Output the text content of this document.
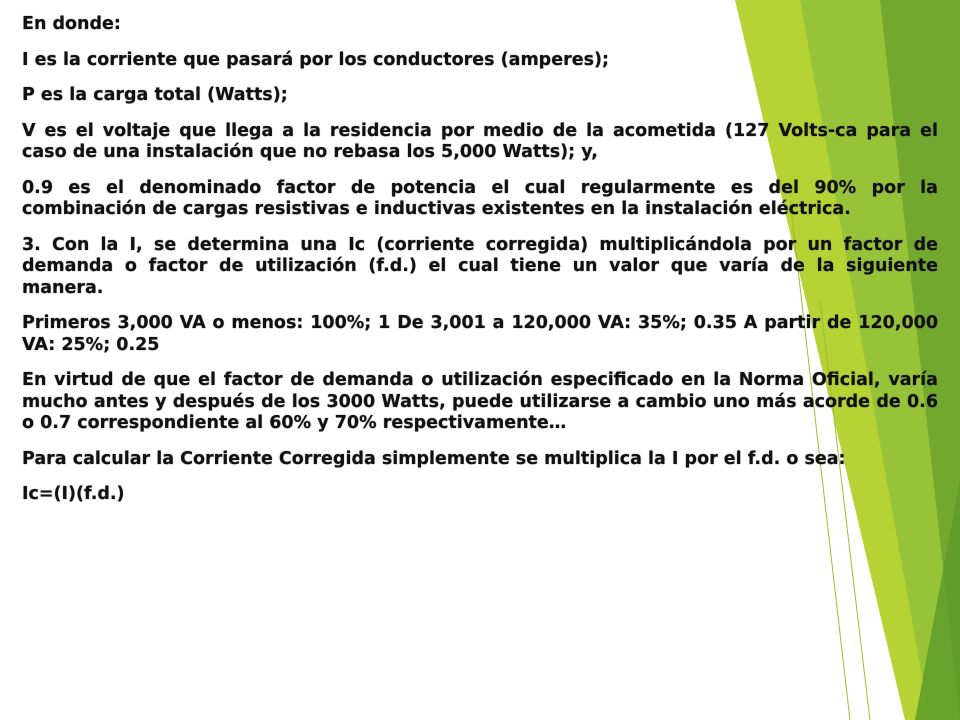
En donde:

I es la corriente que pasará por los conductores (amperes);

P es la carga total (Watts);

V es el voltaje que llega a la residencia por medio de la acometida (127 Volts-ca para el caso de una instalación que no rebasa los 5,000 Watts); y,

0.9 es el denominado factor de potencia el cual regularmente es del 90% por la combinación de cargas resistivas e inductivas existentes en la instalación eléctrica.

3. Con la I, se determina una Ic (corriente corregida) multiplicándola por un factor de demanda o factor de utilización (f.d.) el cual tiene un valor que varía de la siguiente manera.

Primeros 3,000 VA o menos: 100%; 1 De 3,001 a 120,000 VA: 35%; 0.35 A partir de 120,000 VA: 25%; 0.25

En virtud de que el factor de demanda o utilización especificado en la Norma Oficial, varía mucho antes y después de los 3000 Watts, puede utilizarse a cambio uno más acorde de 0.6 o 0.7 correspondiente al 60% y 70% respectivamente…

Para calcular la Corriente Corregida simplemente se multiplica la I por el f.d. o sea:

Ic=(I)(f.d.)
